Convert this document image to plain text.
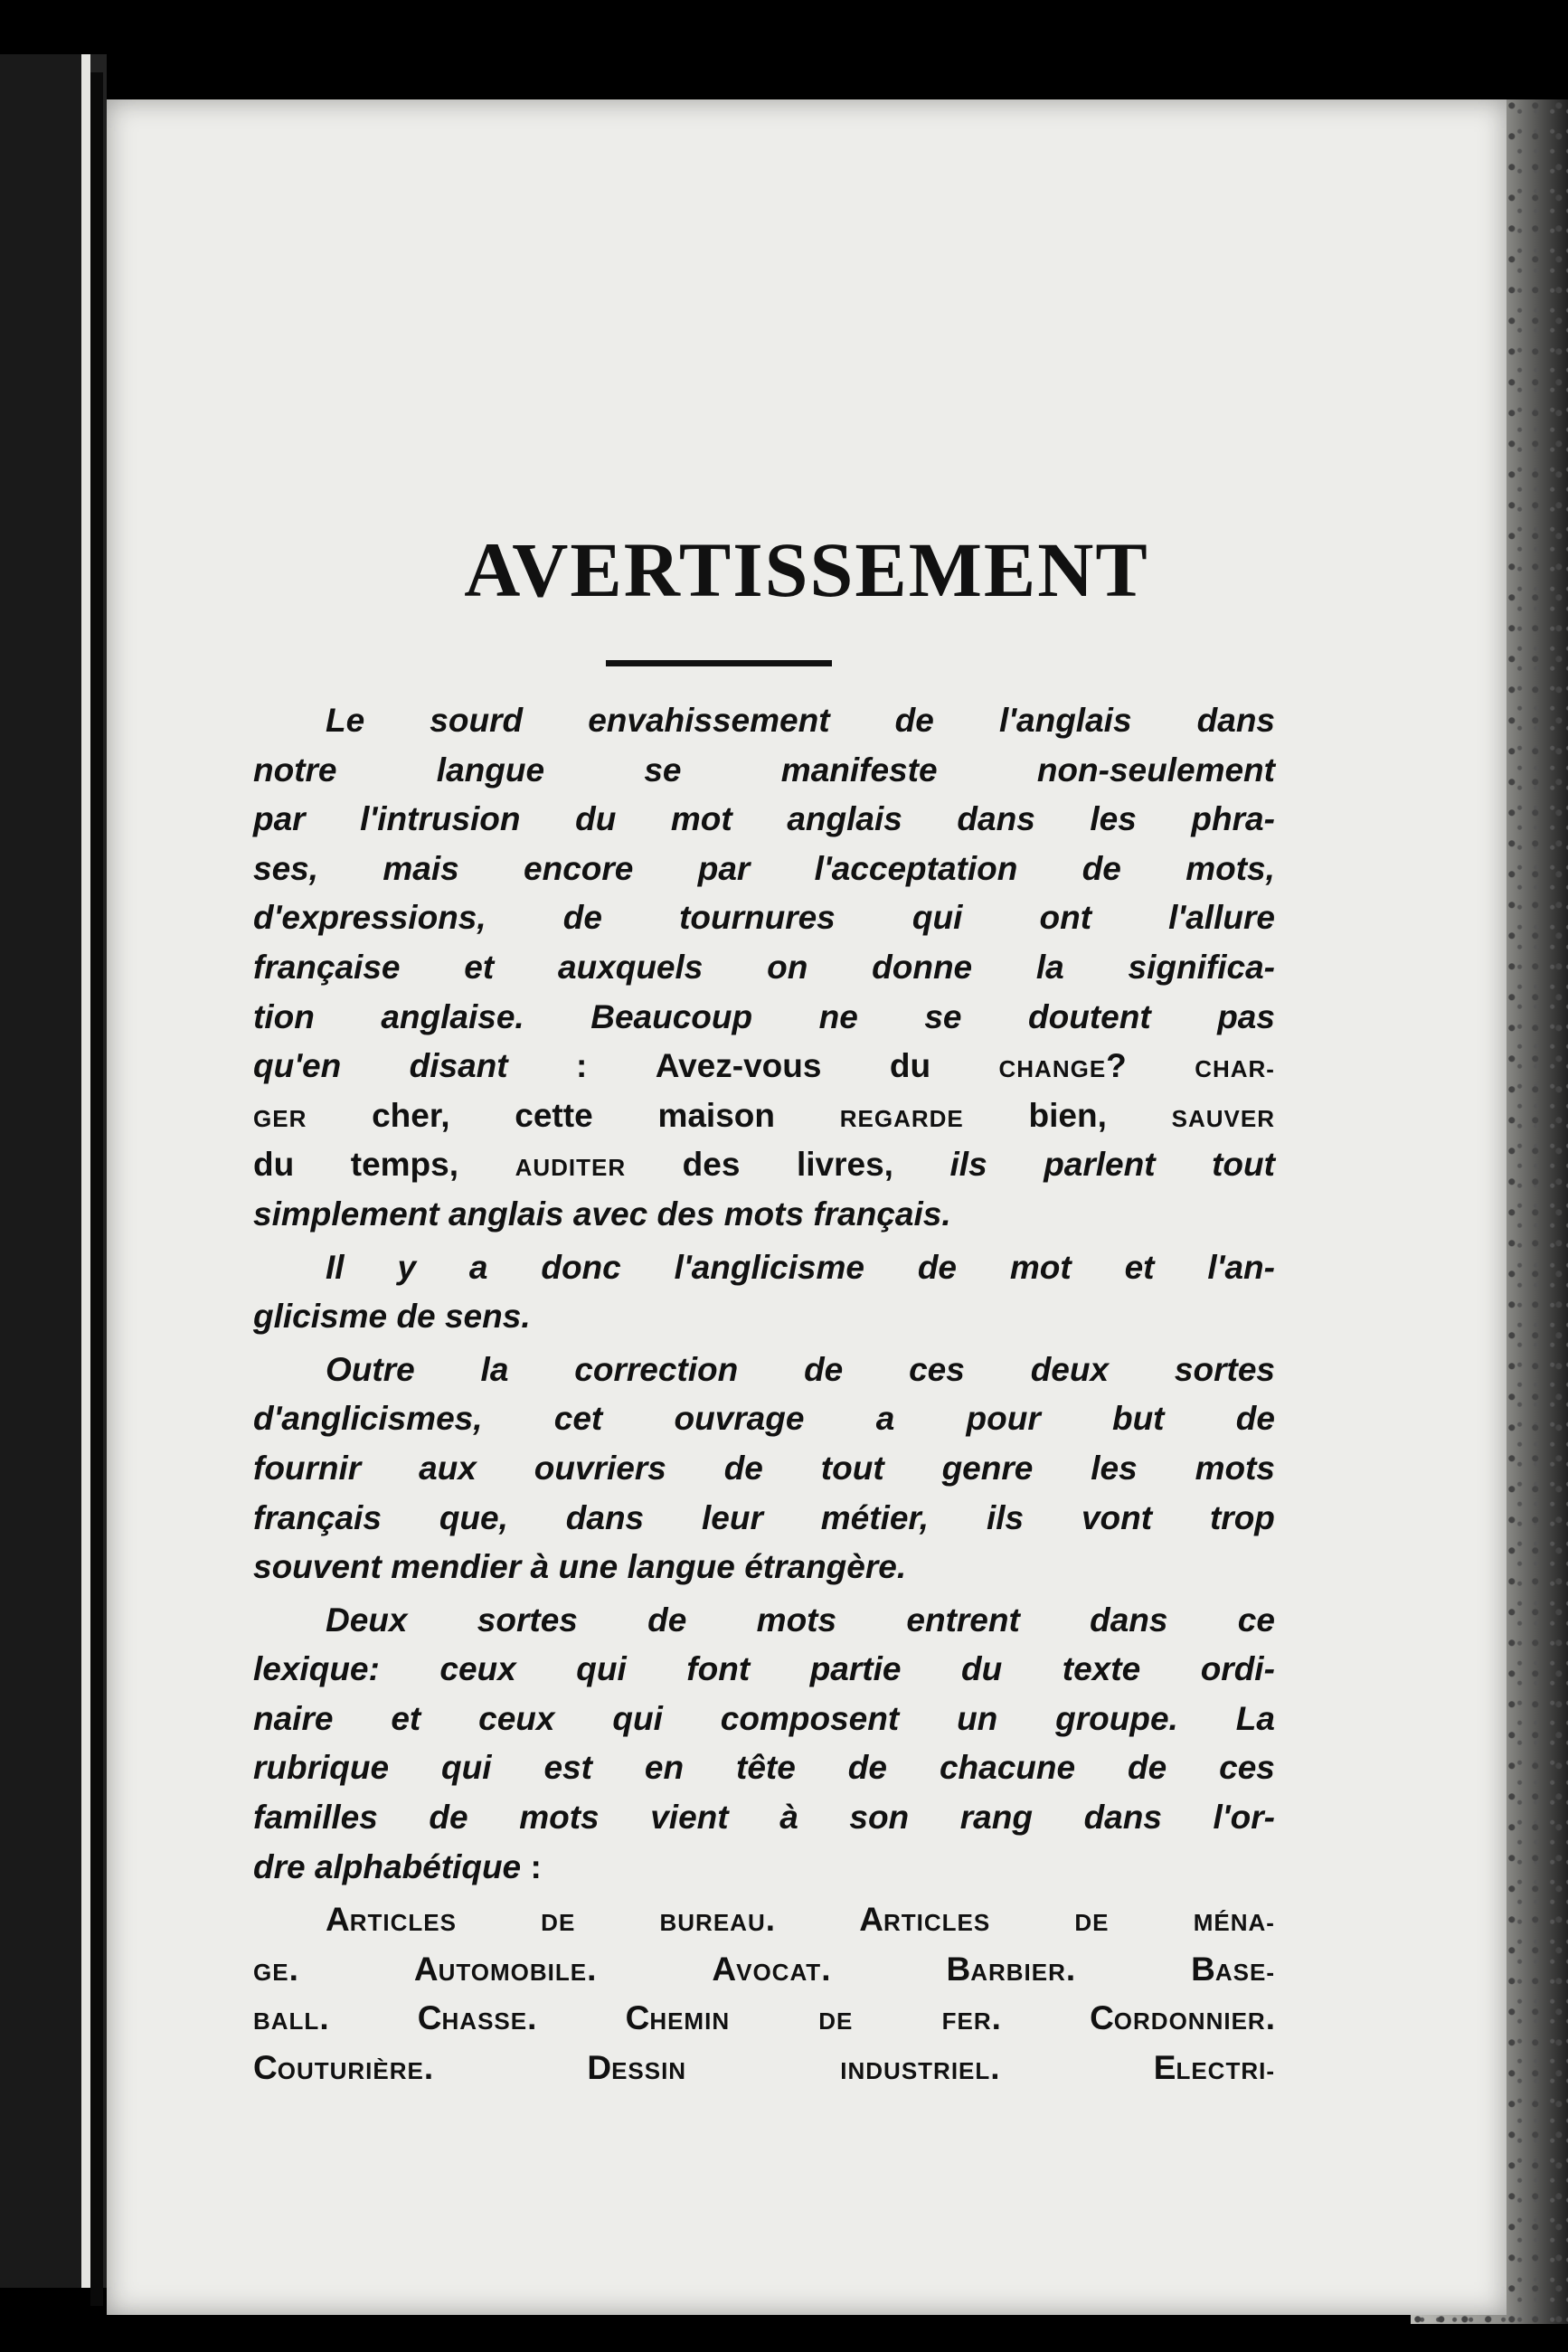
AVERTISSEMENT
Le sourd envahissement de l'anglais dans
notre	langue	se	manifeste	non-seulement
par l'intrusion du mot anglais dans les phra-
ses, mais encore par l'acceptation de mots,
d'expressions, de tournures qui ont l'allure
française et auxquels on donne la significa-
tion anglaise. Beaucoup ne se doutent pas
qu'en disant : Avez-vous du	CHANGE?	CHAR-
GER cher, cette maison	REGARDE bien,	SAUVER
du temps, AUDITER des livres, ils parlent tout
simplement anglais avec des mots français.
Il y a donc l'anglicisme de mot et l'an-
glicisme de sens.
Outre la correction de ces deux sortes
d'anglicismes, cet ouvrage a pour but de
fournir aux ouvriers de tout genre les mots
français que, dans leur métier, ils vont trop
souvent mendier à une langue étrangère.
Deux sortes de mots entrent dans ce
lexique: ceux qui font partie du texte ordi-
naire et ceux qui composent un groupe. La
rubrique qui est en tête de chacune de ces
familles de mots vient à son rang dans l'or-
dre alphabétique :
ARTICLES	DE	BUREAU.	ARTICLES	DE	MÉNA-
GE.	AUTOMOBILE.	AVOCAT.	BARBIER.	BASE-
BALL.	CHASSE.	CHEMIN	DE	FER.	CORDONNIER.
COUTURIÈRE.	DESSIN	INDUSTRIEL.	ELECTRI-
